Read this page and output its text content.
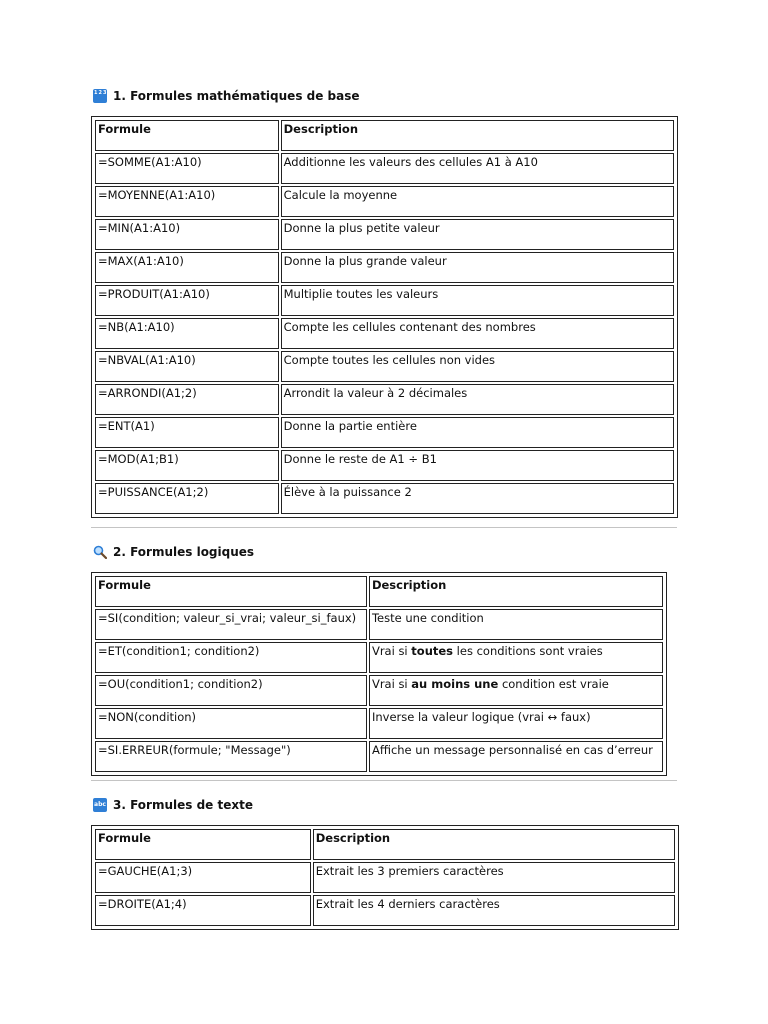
1234
1. Formules mathématiques de base
Formule	Description

=SOMME(A1:A10)	Additionne les valeurs des cellules A1 à A10

=MOYENNE(A1:A10)	Calcule la moyenne

=MIN(A1:A10)	Donne la plus petite valeur

=MAX(A1:A10)	Donne la plus grande valeur

=PRODUIT(A1:A10)	Multiplie toutes les valeurs

=NB(A1:A10)	Compte les cellules contenant des nombres

=NBVAL(A1:A10)	Compte toutes les cellules non vides

=ARRONDI(A1;2)	Arrondit la valeur à 2 décimales

=ENT(A1)	Donne la partie entière

=MOD(A1;B1)	Donne le reste de A1 ÷ B1

=PUISSANCE(A1;2)	Élève à la puissance 2
2. Formules logiques
Formule	Description

=SI(condition; valeur_si_vrai; valeur_si_faux)	Teste une condition

=ET(condition1; condition2)	Vrai si toutes les conditions sont vraies

=OU(condition1; condition2)	Vrai si au moins une condition est vraie

=NON(condition)	Inverse la valeur logique (vrai ↔ faux)

=SI.ERREUR(formule; "Message")	Affiche un message personnalisé en cas d’erreur
abc
3. Formules de texte
Formule	Description

=GAUCHE(A1;3)	Extrait les 3 premiers caractères

=DROITE(A1;4)	Extrait les 4 derniers caractères
